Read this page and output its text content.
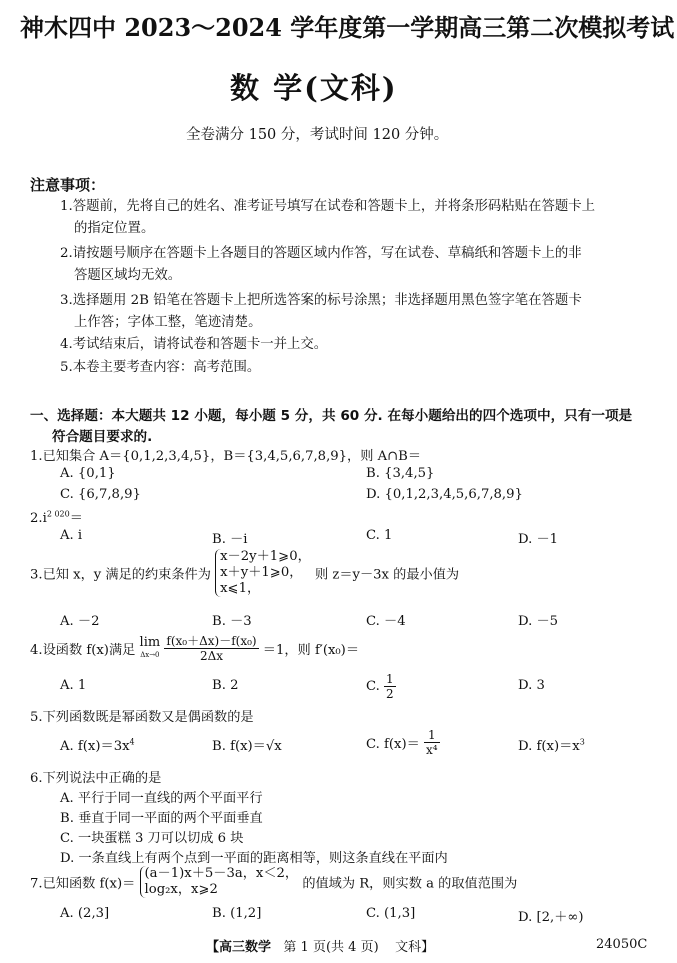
神木四中 2023～2024 学年度第一学期高三第二次模拟考试
数 学(文科)
全卷满分 150 分，考试时间 120 分钟。
注意事项：
1.答题前，先将自己的姓名、准考证号填写在试卷和答题卡上，并将条形码粘贴在答题卡上
的指定位置。
2.请按题号顺序在答题卡上各题目的答题区域内作答，写在试卷、草稿纸和答题卡上的非
答题区域均无效。
3.选择题用 2B 铅笔在答题卡上把所选答案的标号涂黑；非选择题用黑色签字笔在答题卡
上作答；字体工整，笔迹清楚。
4.考试结束后，请将试卷和答题卡一并上交。
5.本卷主要考查内容：高考范围。
一、选择题：本大题共 12 小题，每小题 5 分，共 60 分. 在每小题给出的四个选项中，只有一项是
符合题目要求的.
1.已知集合 A＝{0,1,2,3,4,5}，B＝{3,4,5,6,7,8,9}，则 A∩B＝
A. {0,1}	B. {3,4,5}
C. {6,7,8,9}	D. {0,1,2,3,4,5,6,7,8,9}
$2.i^{2 020}=$
A. i	B. －i	C. 1	D. －1
3.已知 x，y 满足的约束条件为
x－2y＋1⩾0，
x＋y＋1⩾0，
x⩽1，
则 z＝y－3x 的最小值为
A. －2	B. －3	C. －4	D. －5
4.设函数 f(x)满足
lim
Δx→0
$\frac{\text{f(x₀＋Δx)－f(x₀)}}{2\Delta x} =1$，则 f′(x₀)＝
A. 1	B. 2	C. $\frac{1}{2}$	D. 3
5.下列函数既是幂函数又是偶函数的是
A. $f(x)=3x^4$	B. f(x)＝√x	C. $f(x)= \frac{1}{\text{x⁴}}$	D. $f(x)=x^3$
6.下列说法中正确的是
A. 平行于同一直线的两个平面平行
B. 垂直于同一平面的两个平面垂直
C. 一块蛋糕 3 刀可以切成 6 块
D. 一条直线上有两个点到一平面的距离相等，则这条直线在平面内
7.已知函数 f(x)＝
(a－1)x＋5－3a，x＜2，
log₂x，x⩾2	的值域为 R，则实数 a 的取值范围为
A. (2,3]	B. (1,2]	C. (1,3]	D. [2,＋∞)
【高三数学 第 1 页(共 4 页) 文科】	24050C
